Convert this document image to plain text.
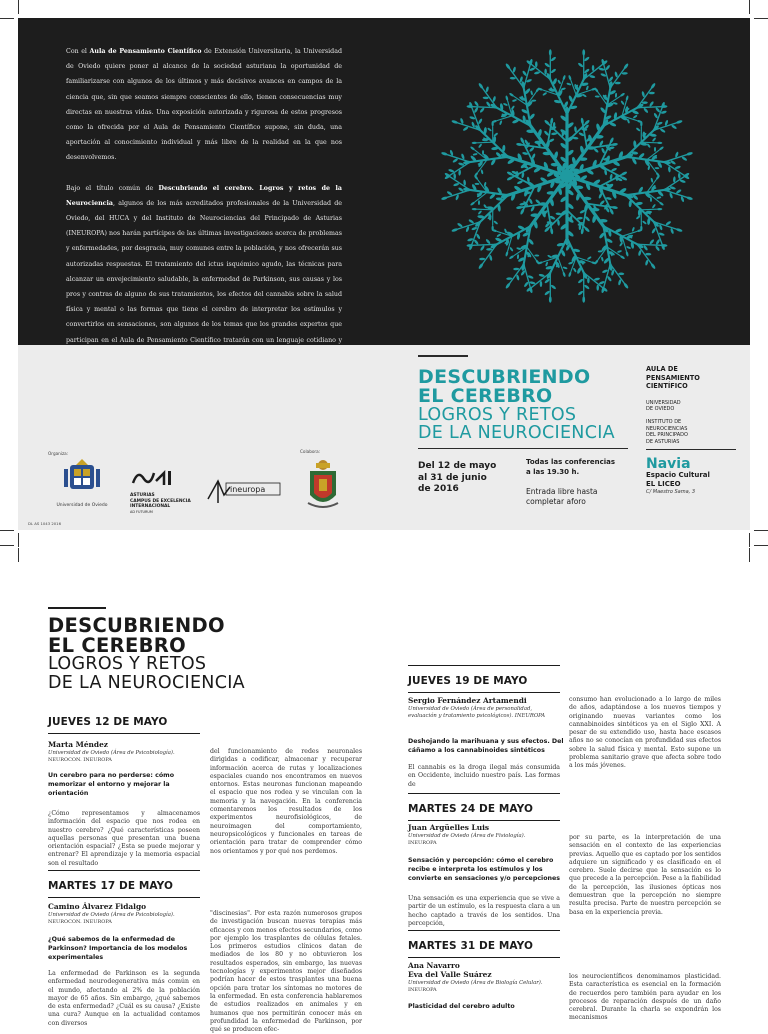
Con el Aula de Pensamiento Científico de Extensión Universitaria, la Universidad de Oviedo quiere poner al alcance de la sociedad asturiana la oportunidad de familiarizarse con algunos de los últimos y más decisivos avances en campos de la ciencia que, sin que seamos siempre conscientes de ello, tienen consecuencias muy directas en nuestras vidas. Una exposición autorizada y rigurosa de estos progresos como la ofrecida por el Aula de Pensamiento Científico supone, sin duda, una aportación al conocimiento individual y más libre de la realidad en la que nos desenvolvemos.

Bajo el título común de Descubriendo el cerebro. Logros y retos de la Neurociencia, algunos de los más acreditados profesionales de la Universidad de Oviedo, del HUCA y del Instituto de Neurociencias del Principado de Asturias (INEUROPA) nos harán partícipes de las últimas investigaciones acerca de problemas y enfermedades, por desgracia, muy comunes entre la población, y nos ofrecerán sus autorizadas respuestas. El tratamiento del ictus isquémico agudo, las técnicas para alcanzar un envejecimiento saludable, la enfermedad de Parkinson, sus causas y los pros y contras de alguno de sus tratamientos, los efectos del cannabis sobre la salud física y mental o las formas que tiene el cerebro de interpretar los estímulos y convertirlos en sensaciones, son algunos de los temas que los grandes expertos que participan en el Aula de Pensamiento Científico tratarán con un lenguaje cotidiano y

DESCUBRIENDO
EL CEREBRO
LOGROS Y RETOS
DE LA NEUROCIENCIA
Del 12 de mayo
al 31 de junio
de 2016
Todas las conferencias
a las 19.30 h.
Entrada libre hasta
completar aforo
AULA DE
PENSAMIENTO
CIENTÍFICO
UNIVERSIDAD
DE OVIEDO
INSTITUTO DE
NEUROCIENCIAS
DEL PRINCIPADO
DE ASTURIAS
Navia
Espacio Cultural
EL LICEO
C/ Maestro Sama, 3
Organiza:	Colabora:
DL AS 1043 2016
Universidad de Oviedo
ASTURIAS
CAMPUS DE EXCELENCIA
INTERNACIONAL
AD FUTURUM
ineuropa
DESCUBRIENDO
EL CEREBRO
LOGROS Y RETOS
DE LA NEUROCIENCIA
JUEVES 12 DE MAYO
Marta Méndez
Universidad de Oviedo (Área de Psicobiología).
NEUROCON. INEUROPA
Un cerebro para no perderse: cómo
memorizar el entorno y mejorar la
orientación
¿Cómo representamos y almacenamos información del espacio que nos rodea en nuestro cerebro? ¿Qué características poseen aquellas personas que presentan una buena orientación espacial? ¿Esta se puede mejorar y entrenar? El aprendizaje y la memoria espacial son el resultado
del funcionamiento de redes neuronales dirigidas a codificar, almacenar y recuperar información acerca de rutas y localizaciones espaciales cuando nos encontramos en nuevos entornos. Estas neuronas funcionan mapeando el espacio que nos rodea y se vinculan con la memoria y la navegación. En la conferencia comentaremos los resultados de los experimentos neurofisiológicos, de neuroimagen del comportamiento, neuropsicológicos y funcionales en tareas de orientación para tratar de comprender cómo nos orientamos y por qué nos perdemos.
MARTES 17 DE MAYO
Camino Álvarez Fidalgo
Universidad de Oviedo (Área de Psicobiología).
NEUROCON. INEUROPA
¿Qué sabemos de la enfermedad de
Parkinson? Importancia de los modelos
experimentales
La enfermedad de Parkinson es la segunda enfermedad neurodegenerativa más común en el mundo, afectando al 2% de la población mayor de 65 años. Sin embargo, ¿qué sabemos de esta enfermedad? ¿Cuál es su causa? ¿Existe una cura? Aunque en la actualidad contamos con diversos
"discinesias". Por esta razón numerosos grupos de investigación buscan nuevas terapias más eficaces y con menos efectos secundarios, como por ejemplo los trasplantes de células fetales. Los primeros estudios clínicos datan de mediados de los 80 y no obtuvieron los resultados esperados, sin embargo, las nuevas tecnologías y experimentos mejor diseñados podrían hacer de estos trasplantes una buena opción para tratar los síntomas no motores de la enfermedad. En esta conferencia hablaremos de estudios realizados en animales y en humanos que nos permitirán conocer más en profundidad la enfermedad de Parkinson, por qué se producen efec-
JUEVES 19 DE MAYO
Sergio Fernández Artamendi
Universidad de Oviedo (Área de personalidad,
evaluación y tratamiento psicológicos). INEUROPA
Deshojando la marihuana y sus efectos. Del
cáñamo a los cannabinoides sintéticos
El cannabis es la droga ilegal más consumida en Occidente, incluido nuestro país. Las formas de
consumo han evolucionado a lo largo de miles de años, adaptándose a los nuevos tiempos y originando nuevas variantes como los cannabinoides sintéticos ya en el Siglo XXI. A pesar de su extendido uso, hasta hace escasos años no se conocían en profundidad sus efectos sobre la salud física y mental. Esto supone un problema sanitario grave que afecta sobre todo a los más jóvenes.
MARTES 24 DE MAYO
Juan Argüelles Luis
Universidad de Oviedo (Área de Fisiología).
INEUROPA
Sensación y percepción: cómo el cerebro
recibe e interpreta los estímulos y los
convierte en sensaciones y/o percepciones
Una sensación es una experiencia que se vive a partir de un estímulo, es la respuesta clara a un hecho captado a través de los sentidos. Una percepción,
por su parte, es la interpretación de una sensación en el contexto de las experiencias previas. Aquello que es captado por los sentidos adquiere un significado y es clasificado en el cerebro. Suele decirse que la sensación es lo que precede a la percepción. Pese a la fiabilidad de la percepción, las ilusiones ópticas nos demuestran que la percepción no siempre resulta precisa. Parte de nuestra percepción se basa en la experiencia previa.
MARTES 31 DE MAYO
Ana Navarro
Eva del Valle Suárez
Universidad de Oviedo (Área de Biología Celular).
INEUROPA
Plasticidad del cerebro adulto
los neurocientíficos denominamos plasticidad. Esta característica es esencial en la formación de recuerdos pero también para ayudar en los procesos de reparación después de un daño cerebral. Durante la charla se expondrán los mecanismos
